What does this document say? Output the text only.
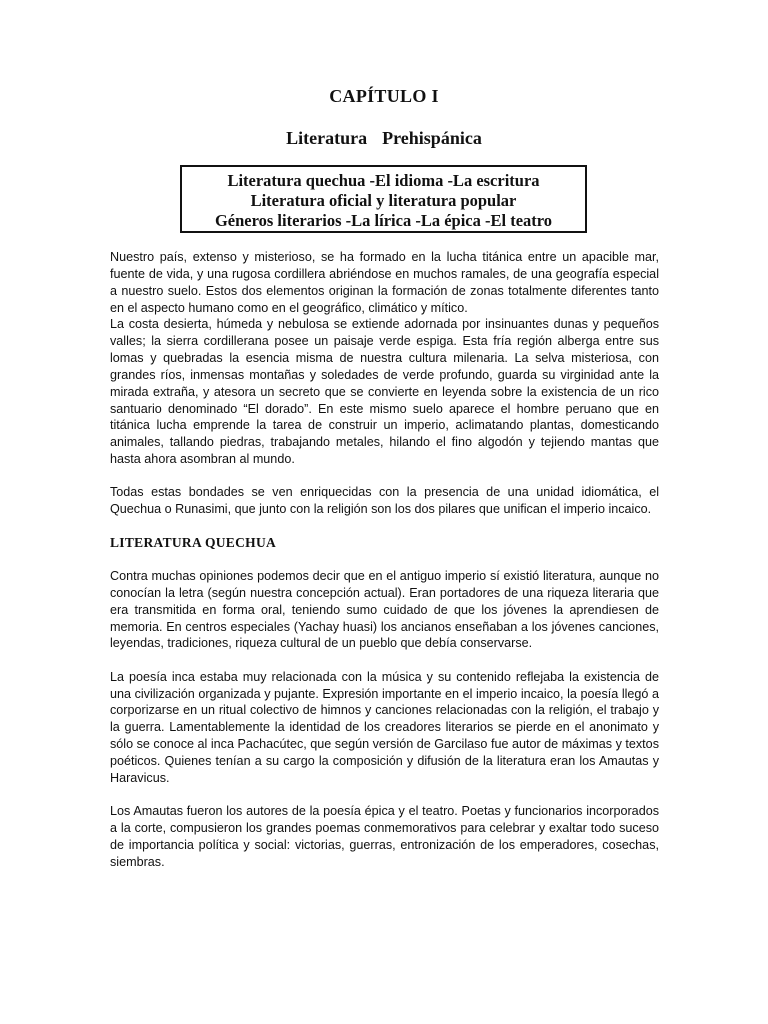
CAPÍTULO I
Literatura  Prehispánica
Literatura quechua -El idioma -La escritura
Literatura oficial y literatura popular
Géneros literarios -La lírica -La épica -El teatro

Nuestro país, extenso y misterioso, se ha formado en la lucha titánica entre un apacible mar, fuente de vida, y una rugosa cordillera abriéndose en muchos ramales, de una geografía especial a nuestro suelo. Estos dos elementos originan la formación de zonas totalmente diferentes tanto en el aspecto humano como en el geográfico, climático y mítico.

La costa desierta, húmeda y nebulosa se extiende adornada por insinuantes dunas y pequeños valles; la sierra cordillerana posee un paisaje verde espiga. Esta fría región alberga entre sus lomas y quebradas la esencia misma de nuestra cultura milenaria. La selva misteriosa, con grandes ríos, inmensas montañas y soledades de verde profundo, guarda su virginidad ante la mirada extraña, y atesora un secreto que se convierte en leyenda sobre la existencia de un rico santuario denominado “El dorado”. En este mismo suelo aparece el hombre peruano que en titánica lucha emprende la tarea de construir un imperio, aclimatando plantas, domesticando animales, tallando piedras, trabajando metales, hilando el fino algodón y tejiendo mantas que hasta ahora asombran al mundo.

Todas estas bondades se ven enriquecidas con la presencia de una unidad idiomática, el Quechua o Runasimi, que junto con la religión son los dos pilares que unifican el imperio incaico.

LITERATURA QUECHUA

Contra muchas opiniones podemos decir que en el antiguo imperio sí existió literatura, aunque no conocían la letra (según nuestra concepción actual). Eran portadores de una riqueza literaria que era transmitida en forma oral, teniendo sumo cuidado de que los jóvenes la aprendiesen de memoria. En centros especiales (Yachay huasi) los ancianos enseñaban a los jóvenes canciones, leyendas, tradiciones, riqueza cultural de un pueblo que debía conservarse.

La poesía inca estaba muy relacionada con la música y su contenido reflejaba la existencia de una civilización organizada y pujante. Expresión importante en el imperio incaico, la poesía llegó a corporizarse en un ritual colectivo de himnos y canciones relacionadas con la religión, el trabajo y la guerra. Lamentablemente la identidad de los creadores literarios se pierde en el anonimato y sólo se conoce al inca Pachacútec, que según versión de Garcilaso fue autor de máximas y textos poéticos. Quienes tenían a su cargo la composición y difusión de la literatura eran los Amautas y Haravicus.

Los Amautas fueron los autores de la poesía épica y el teatro. Poetas y funcionarios incorporados a la corte, compusieron los grandes poemas conmemorativos para celebrar y exaltar todo suceso de importancia política y social: victorias, guerras, entronización de los emperadores, cosechas, siembras.
